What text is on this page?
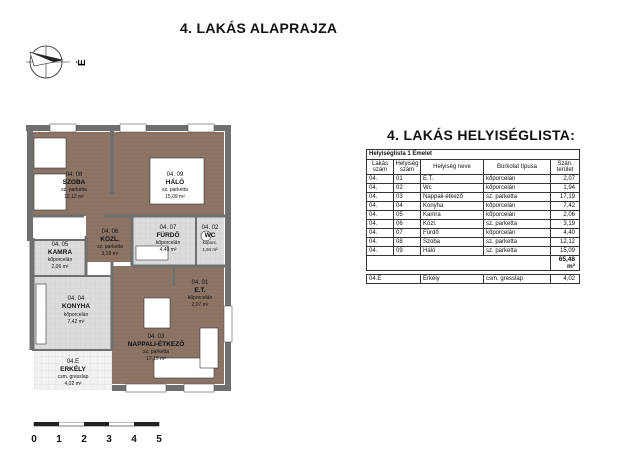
4. LAKÁS ALAPRAJZA
É
04. 08
SZOBA
sz. parketta
12,12 m²
04. 09
HÁLÓ
sz. parketta
15,09 m²
04. 06
KÖZL.
sz. parketta
3,19 m²
04. 07
FÜRDŐ
kőporcelán
4,40 m²
04. 02
WC
kőporc.
1,94 m²
04. 05
KAMRA
kőporcelán
2,06 m²
04. 04
KONYHA
kőporcelán
7,42 m²
04. 01
E.T.
kőporcelán
2,07 m²
04. 03
NAPPALI-ÉTKEZŐ
sz. parketta
17,19 m²
04.E
ERKÉLY
csm. gresslap
4,02 m²
0 1 2 3 4 5
4. LAKÁS HELYISÉGLISTA:
Helyiséglista 1 Emelet				
Lakás szám	Helyiség szám	Helyiség neve	Burkolat típusa	Szán. terület
04.	01	E.T.	kőporcelán	2,07
04.	02	Wc	kőporcelán	1,94
04.	03	Nappali-étkező	sz. parketta	17,19
04.	04	Konyha	kőporcelán	7,42
04.	05	Kamra	kőporcelán	2,06
04.	06	Közl.	sz. parketta	3,19
04.	07	Fürdő	kőporcelán	4,40
04.	08	Szoba	sz. parketta	12,12
04.	09	Háló	sz. parketta	15,09
				65,48 m²

04.E		Erkély	csm. gresslap	4,02
